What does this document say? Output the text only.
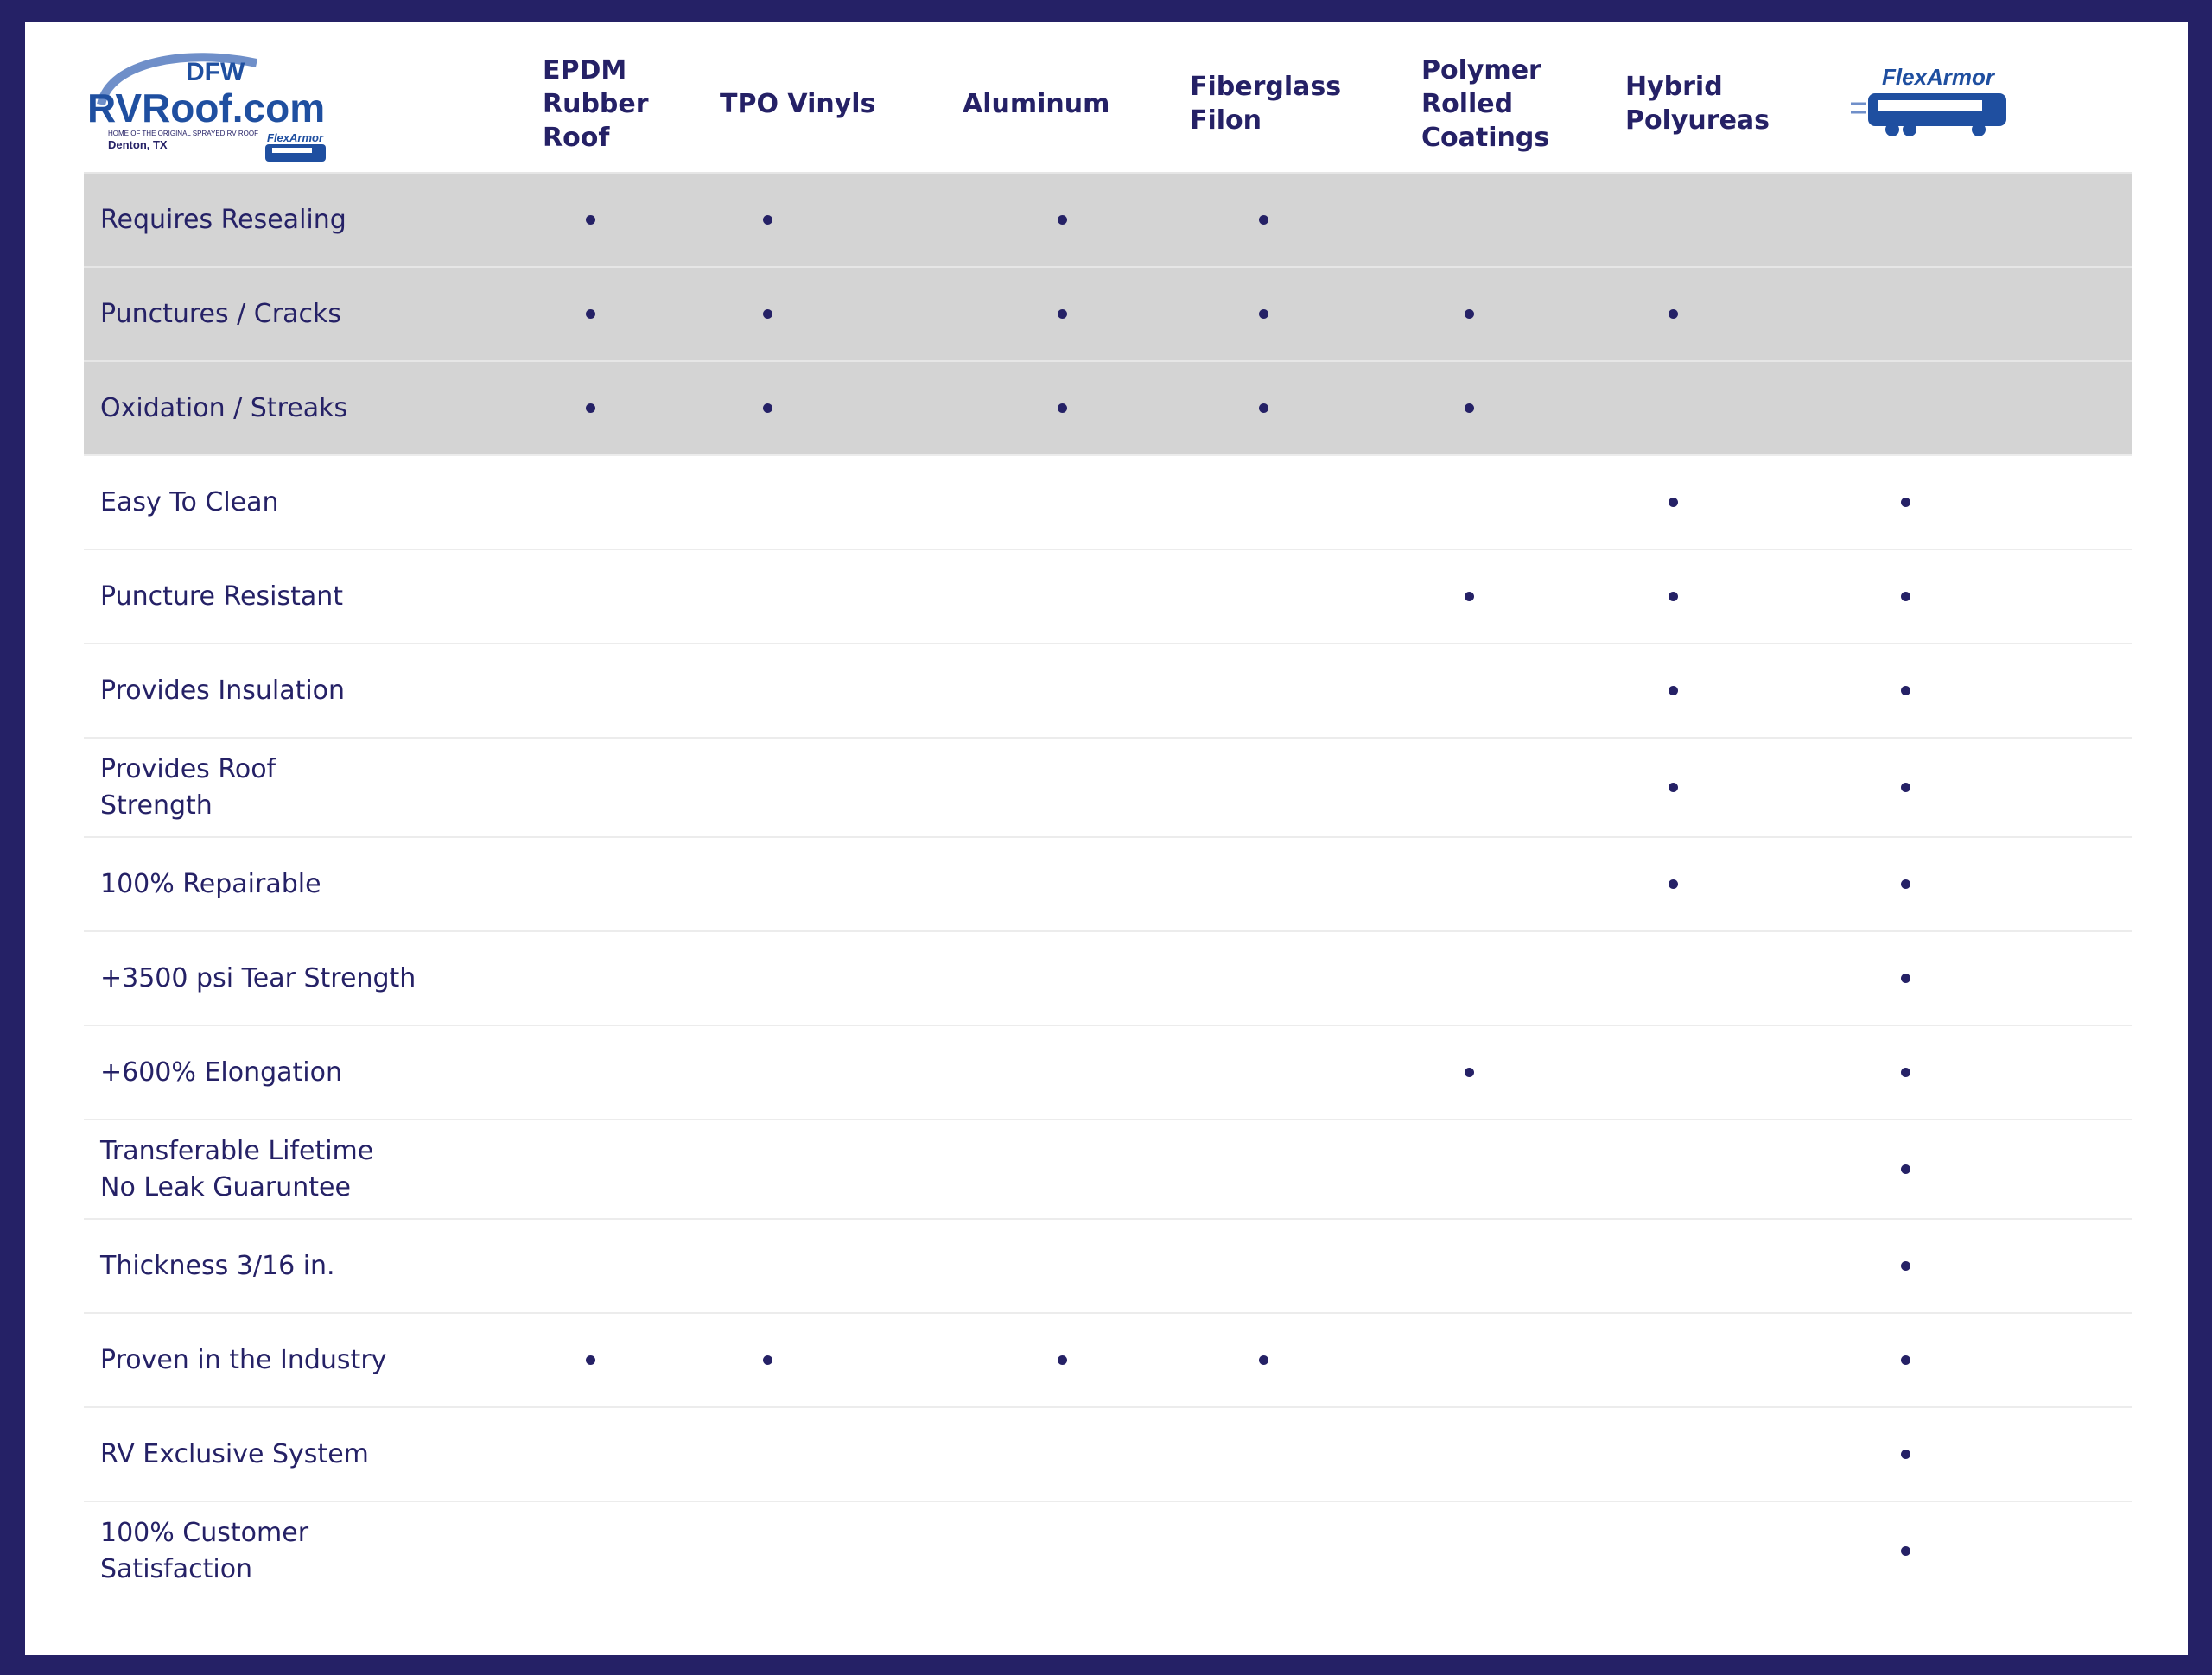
DFW
RVRoof.com
HOME OF THE ORIGINAL SPRAYED RV ROOF
Denton, TX
FlexArmor
EPDM
Rubber
Roof
TPO Vinyls	Aluminum
Fiberglass
Filon
Polymer
Rolled
Coatings
Hybrid
Polyureas
FlexArmor
Requires Resealing
Punctures / Cracks
Oxidation / Streaks
Easy To Clean
Puncture Resistant
Provides Insulation
Provides Roof
Strength
100% Repairable
+3500 psi Tear Strength
+600% Elongation
Transferable Lifetime
No Leak Guaruntee
Thickness 3/16 in.
Proven in the Industry
RV Exclusive System
100% Customer
Satisfaction
